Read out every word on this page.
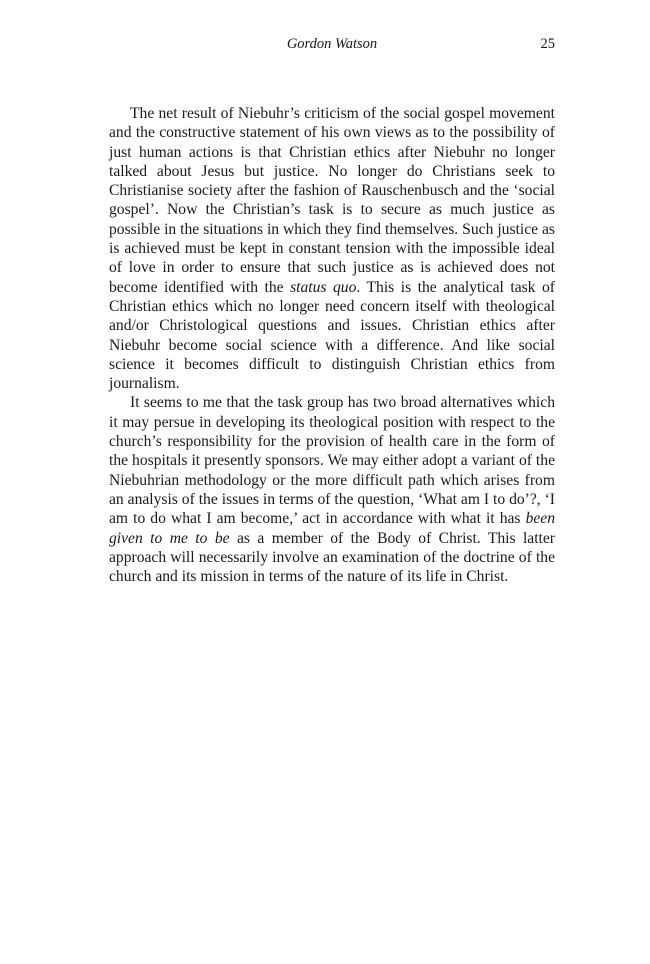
Gordon Watson	25

The net result of Niebuhr’s criticism of the social gospel movement and the constructive statement of his own views as to the possibility of just human actions is that Christian ethics after Niebuhr no longer talked about Jesus but justice. No longer do Christians seek to Christianise society after the fashion of Rauschenbusch and the ‘social gospel’. Now the Christian’s task is to secure as much justice as possible in the situations in which they find themselves. Such justice as is achieved must be kept in constant tension with the impossible ideal of love in order to ensure that such justice as is achieved does not become identified with the status quo. This is the analytical task of Christian ethics which no longer need concern itself with theological and/or Christological questions and issues. Christian ethics after Niebuhr become social science with a difference. And like social science it becomes difficult to distinguish Christian ethics from journalism.

It seems to me that the task group has two broad alternatives which it may persue in developing its theological position with respect to the church’s responsibility for the provision of health care in the form of the hospitals it presently sponsors. We may either adopt a variant of the Niebuhrian methodology or the more difficult path which arises from an analysis of the issues in terms of the question, ‘What am I to do’?, ‘I am to do what I am become,’ act in accordance with what it has been given to me to be as a member of the Body of Christ. This latter approach will necessarily involve an examination of the doctrine of the church and its mission in terms of the nature of its life in Christ.
